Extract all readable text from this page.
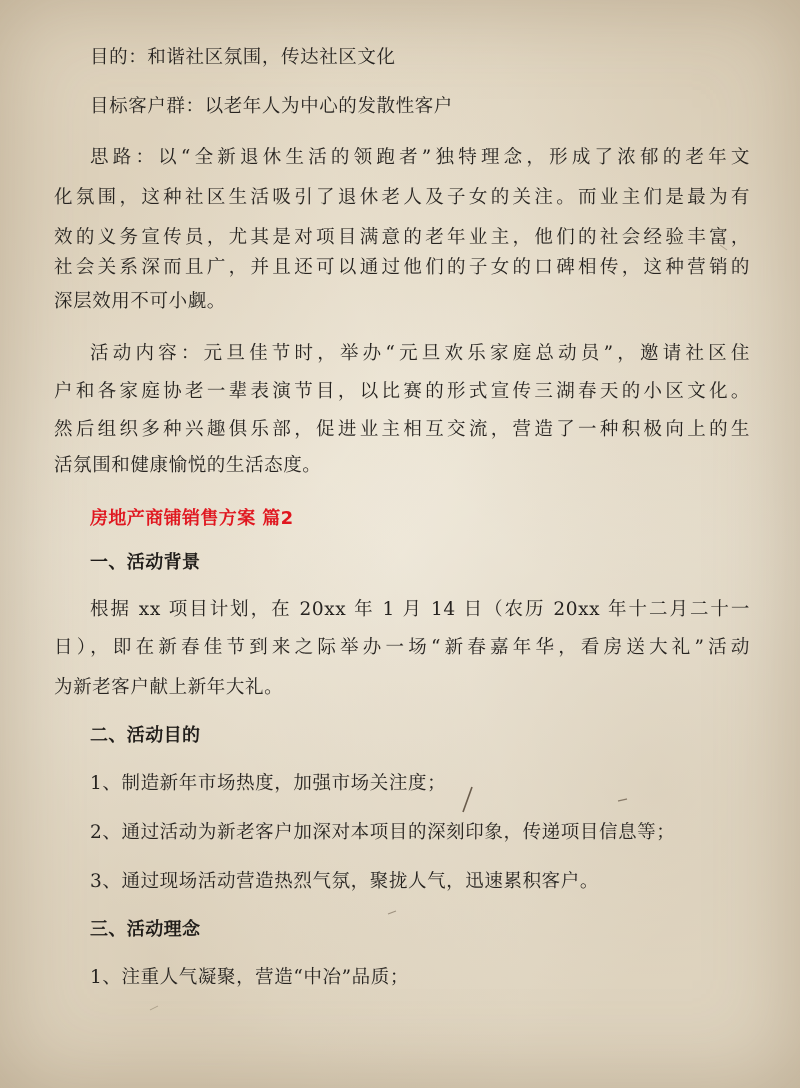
目的：和谐社区氛围，传达社区文化
目标客户群：以老年人为中心的发散性客户
思路：以“全新退休生活的领跑者”独特理念，形成了浓郁的老年文
化氛围，这种社区生活吸引了退休老人及子女的关注。而业主们是最为有
效的义务宣传员，尤其是对项目满意的老年业主，他们的社会经验丰富，
社会关系深而且广，并且还可以通过他们的子女的口碑相传，这种营销的
深层效用不可小觑。
活动内容：元旦佳节时，举办“元旦欢乐家庭总动员”，邀请社区住
户和各家庭协老一辈表演节目，以比赛的形式宣传三湖春天的小区文化。
然后组织多种兴趣俱乐部，促进业主相互交流，营造了一种积极向上的生
活氛围和健康愉悦的生活态度。
房地产商铺销售方案 篇2
一、活动背景
根据 xx 项目计划，在 20xx 年 1 月 14 日（农历 20xx 年十二月二十一
日），即在新春佳节到来之际举办一场“新春嘉年华，看房送大礼”活动
为新老客户献上新年大礼。
二、活动目的
1、制造新年市场热度，加强市场关注度；
2、通过活动为新老客户加深对本项目的深刻印象，传递项目信息等；
3、通过现场活动营造热烈气氛，聚拢人气，迅速累积客户。
三、活动理念
1、注重人气凝聚，营造“中冶”品质；
